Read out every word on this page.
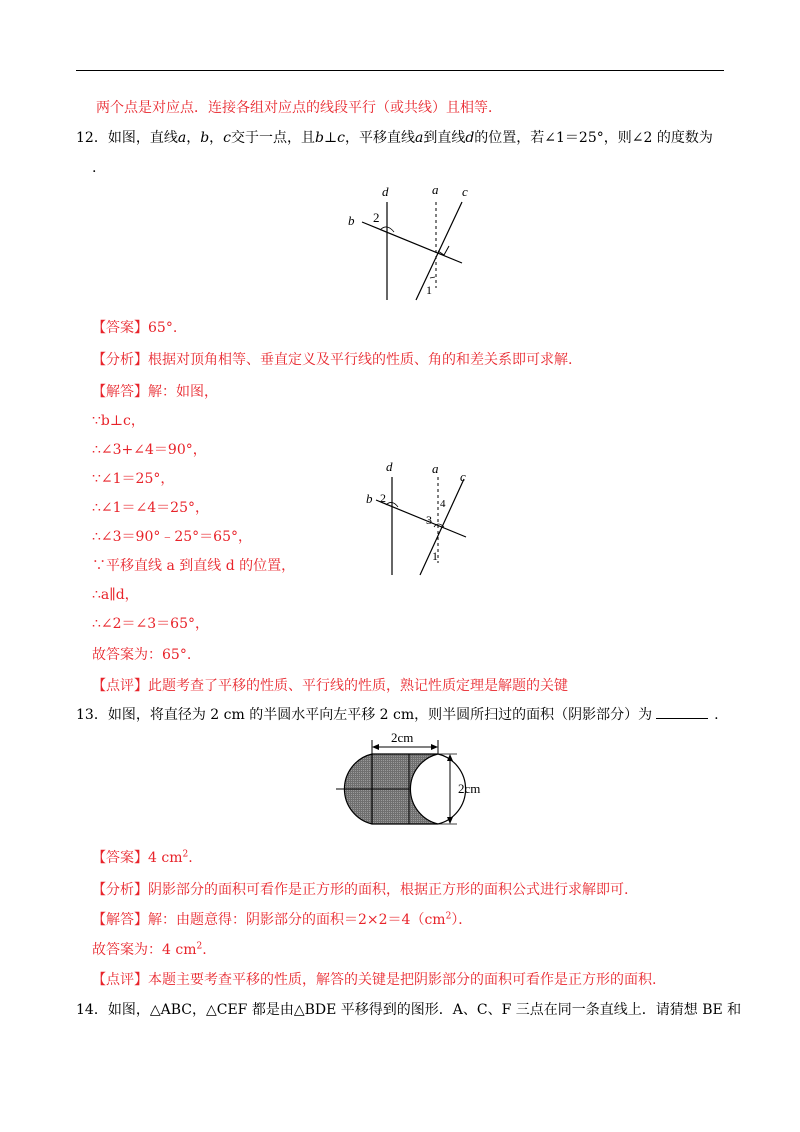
两个点是对应点．连接各组对应点的线段平行（或共线）且相等．
12．如图，直线a，b，c交于一点，且b⊥c，平移直线a到直线d的位置，若∠1＝25°，则∠2 的度数为
.
b
d	a c
2
1
【答案】65°.
【分析】根据对顶角相等、垂直定义及平行线的性质、角的和差关系即可求解.
【解答】解：如图，
∵b⊥c，
∴∠3+∠4＝90°，
∵∠1＝25°，
∴∠1＝∠4＝25°，
∴∠3＝90°﹣25°＝65°，
∵平移直线 a 到直线 d 的位置，
∴a∥d，
∴∠2＝∠3＝65°，
故答案为：65°.
b
d	a
c
2
3
4
1
【点评】此题考查了平移的性质、平行线的性质，熟记性质定理是解题的关键
13．如图，将直径为 2 cm 的半圆水平向左平移 2 cm，则半圆所扫过的面积（阴影部分）为	.
2cm
2cm
【答案】4 $cm^2$.
【分析】阴影部分的面积可看作是正方形的面积，根据正方形的面积公式进行求解即可.
【解答】解：由题意得：阴影部分的面积$=2\times 2=4(cm^2)$．
故答案为：4 $cm^2$.
【点评】本题主要考查平移的性质，解答的关键是把阴影部分的面积可看作是正方形的面积.
14．如图，△ABC，△CEF 都是由△BDE 平移得到的图形．A、C、F 三点在同一条直线上．请猜想 BE 和
